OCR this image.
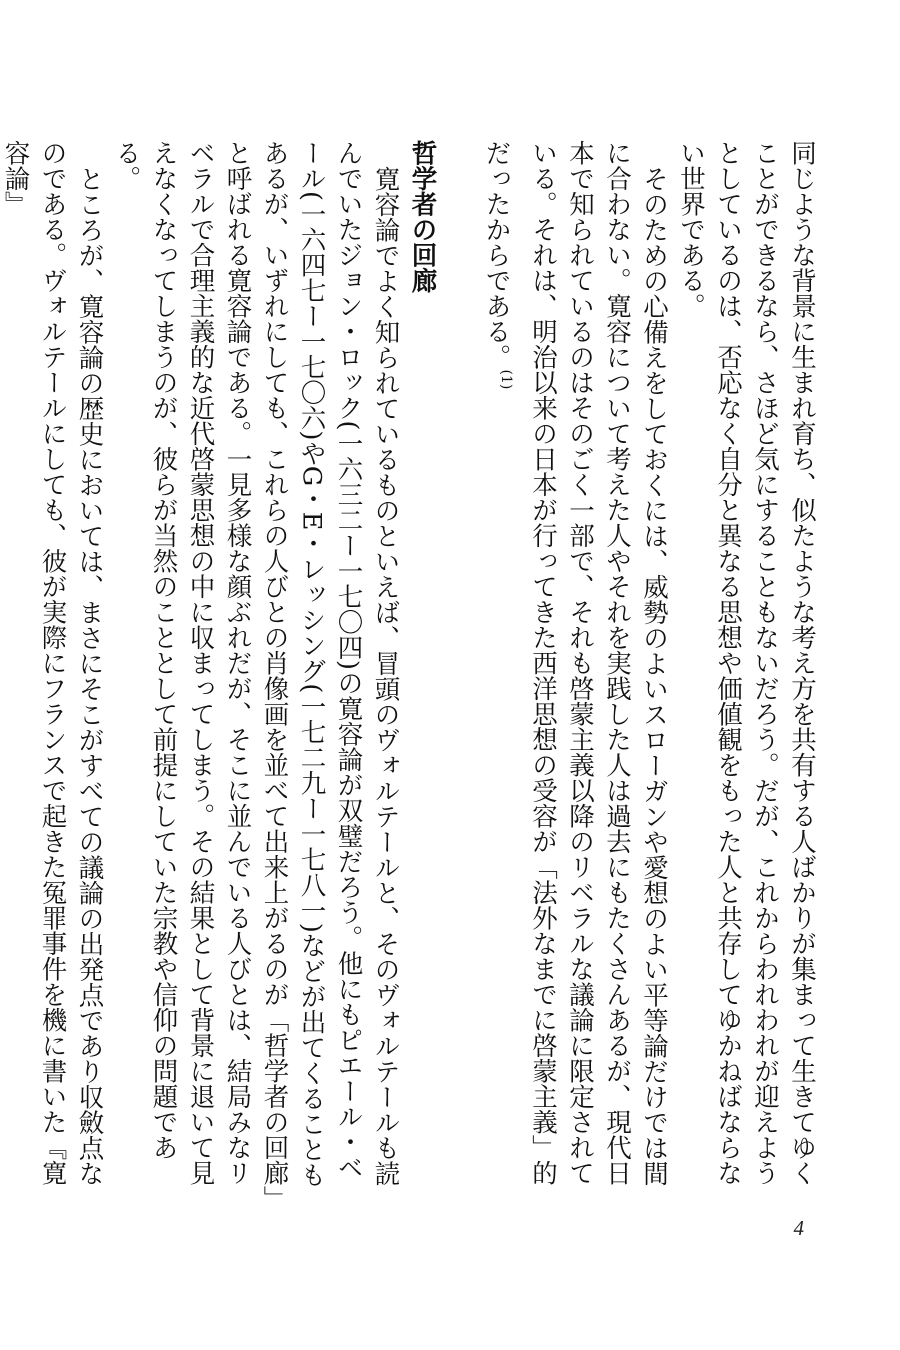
同じような背景に生まれ育ち、似たような考え方を共有する人ばかりが集まって生きてゆくことができるなら、さほど気にすることもないだろう。だが、これからわれわれが迎えようとしているのは、否応なく自分と異なる思想や価値観をもった人と共存してゆかねばならない世界である。

そのための心備えをしておくには、威勢のよいスローガンや愛想のよい平等論だけでは間に合わない。寛容について考えた人やそれを実践した人は過去にもたくさんあるが、現代日本で知られているのはそのごく一部で、それも啓蒙主義以降のリベラルな議論に限定されている。それは、明治以来の日本が行ってきた西洋思想の受容が「法外なまでに啓蒙主義」的だったからである。$^{(1)}$

哲学者の回廊

寛容論でよく知られているものといえば、冒頭のヴォルテールと、そのヴォルテールも読んでいたジョン・ロック(一六三二ー一七〇四)の寛容論が双璧だろう。他にもピエール・ベール(一六四七ー一七〇六)やG・E・レッシング(一七二九ー一七八一)などが出てくることもあるが、いずれにしても、これらの人びとの肖像画を並べて出来上がるのが「哲学者の回廊」と呼ばれる寛容論である。一見多様な顔ぶれだが、そこに並んでいる人びとは、結局みなリベラルで合理主義的な近代啓蒙思想の中に収まってしまう。その結果として背景に退いて見えなくなってしまうのが、彼らが当然のこととして前提にしていた宗教や信仰の問題である。

ところが、寛容論の歴史においては、まさにそこがすべての議論の出発点であり収斂点なのである。ヴォルテールにしても、彼が実際にフランスで起きた冤罪事件を機に書いた『寛容論』

4
